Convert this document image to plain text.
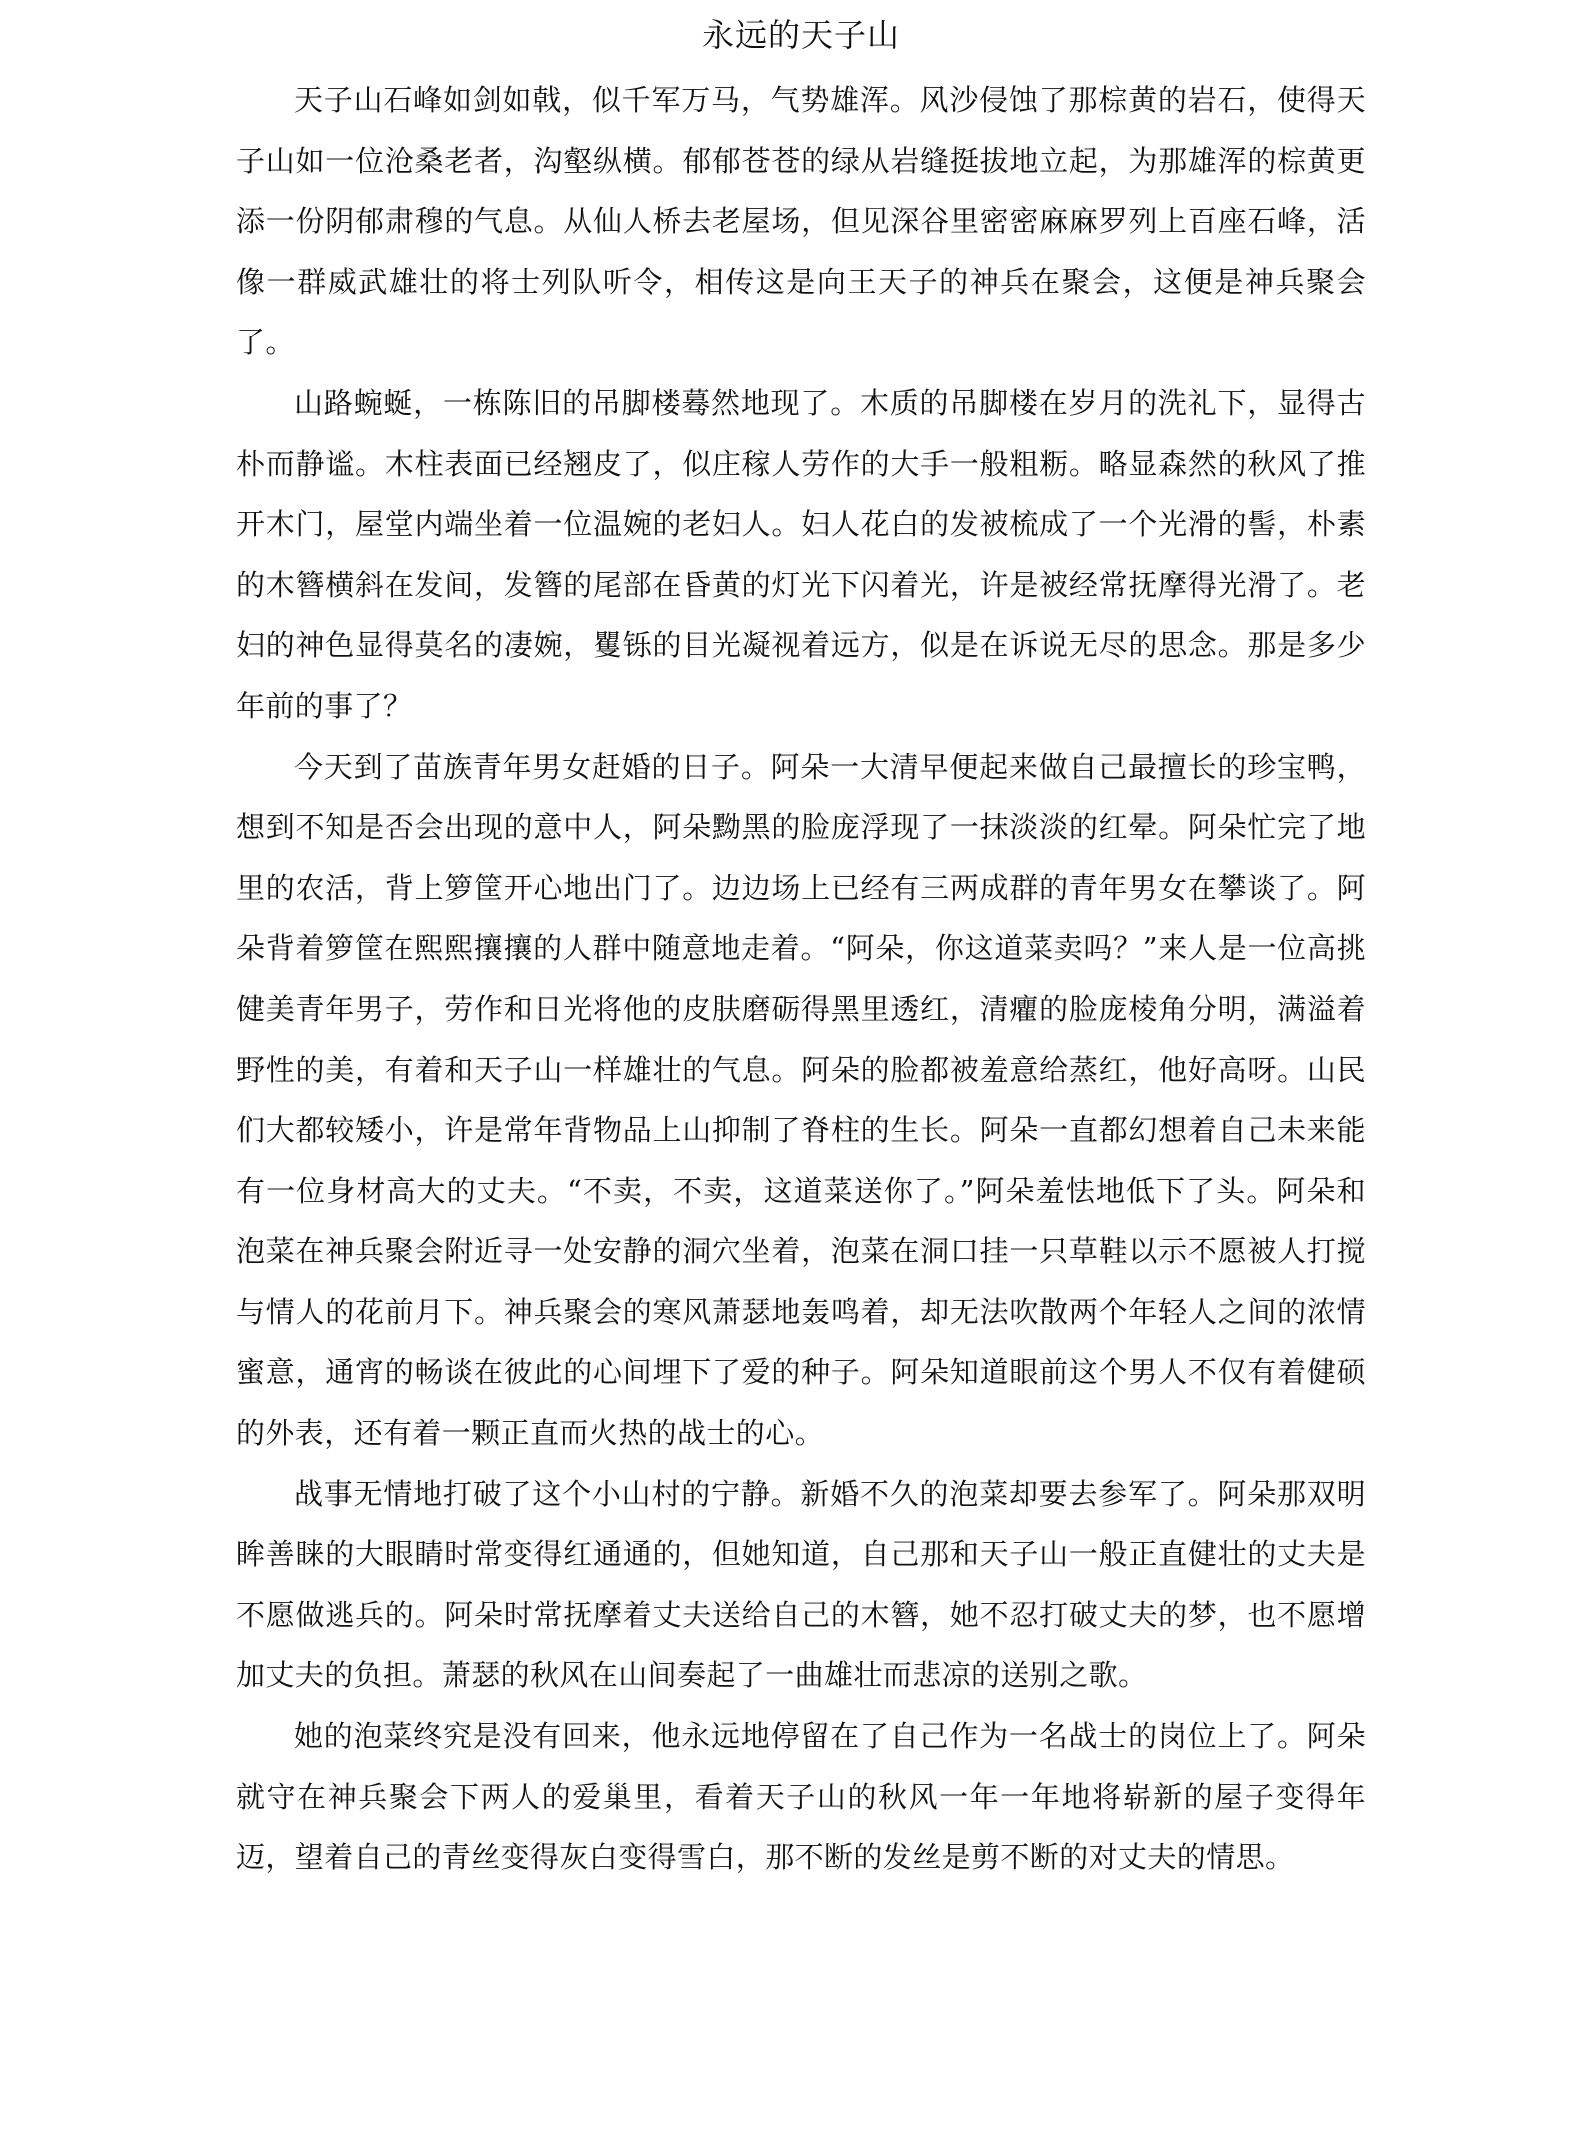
永远的天子山

天子山石峰如剑如戟，似千军万马，气势雄浑。风沙侵蚀了那棕黄的岩石，使得天子山如一位沧桑老者，沟壑纵横。郁郁苍苍的绿从岩缝挺拔地立起，为那雄浑的棕黄更添一份阴郁肃穆的气息。从仙人桥去老屋场，但见深谷里密密麻麻罗列上百座石峰，活像一群威武雄壮的将士列队听令，相传这是向王天子的神兵在聚会，这便是神兵聚会了。

山路蜿蜒，一栋陈旧的吊脚楼蓦然地现了。木质的吊脚楼在岁月的洗礼下，显得古朴而静谧。木柱表面已经翘皮了，似庄稼人劳作的大手一般粗粝。略显森然的秋风了推开木门，屋堂内端坐着一位温婉的老妇人。妇人花白的发被梳成了一个光滑的髻，朴素的木簪横斜在发间，发簪的尾部在昏黄的灯光下闪着光，许是被经常抚摩得光滑了。老妇的神色显得莫名的凄婉，矍铄的目光凝视着远方，似是在诉说无尽的思念。那是多少年前的事了？

今天到了苗族青年男女赶婚的日子。阿朵一大清早便起来做自己最擅长的珍宝鸭，想到不知是否会出现的意中人，阿朵黝黑的脸庞浮现了一抹淡淡的红晕。阿朵忙完了地里的农活，背上箩筐开心地出门了。边边场上已经有三两成群的青年男女在攀谈了。阿朵背着箩筐在熙熙攘攘的人群中随意地走着。“阿朵，你这道菜卖吗？”来人是一位高挑健美青年男子，劳作和日光将他的皮肤磨砺得黑里透红，清癯的脸庞棱角分明，满溢着野性的美，有着和天子山一样雄壮的气息。阿朵的脸都被羞意给蒸红，他好高呀。山民们大都较矮小，许是常年背物品上山抑制了脊柱的生长。阿朵一直都幻想着自己未来能有一位身材高大的丈夫。“不卖，不卖，这道菜送你了。”阿朵羞怯地低下了头。阿朵和泡菜在神兵聚会附近寻一处安静的洞穴坐着，泡菜在洞口挂一只草鞋以示不愿被人打搅与情人的花前月下。神兵聚会的寒风萧瑟地轰鸣着，却无法吹散两个年轻人之间的浓情蜜意，通宵的畅谈在彼此的心间埋下了爱的种子。阿朵知道眼前这个男人不仅有着健硕的外表，还有着一颗正直而火热的战士的心。

战事无情地打破了这个小山村的宁静。新婚不久的泡菜却要去参军了。阿朵那双明眸善睐的大眼睛时常变得红通通的，但她知道，自己那和天子山一般正直健壮的丈夫是不愿做逃兵的。阿朵时常抚摩着丈夫送给自己的木簪，她不忍打破丈夫的梦，也不愿增加丈夫的负担。萧瑟的秋风在山间奏起了一曲雄壮而悲凉的送别之歌。

她的泡菜终究是没有回来，他永远地停留在了自己作为一名战士的岗位上了。阿朵就守在神兵聚会下两人的爱巢里，看着天子山的秋风一年一年地将崭新的屋子变得年迈，望着自己的青丝变得灰白变得雪白，那不断的发丝是剪不断的对丈夫的情思。
